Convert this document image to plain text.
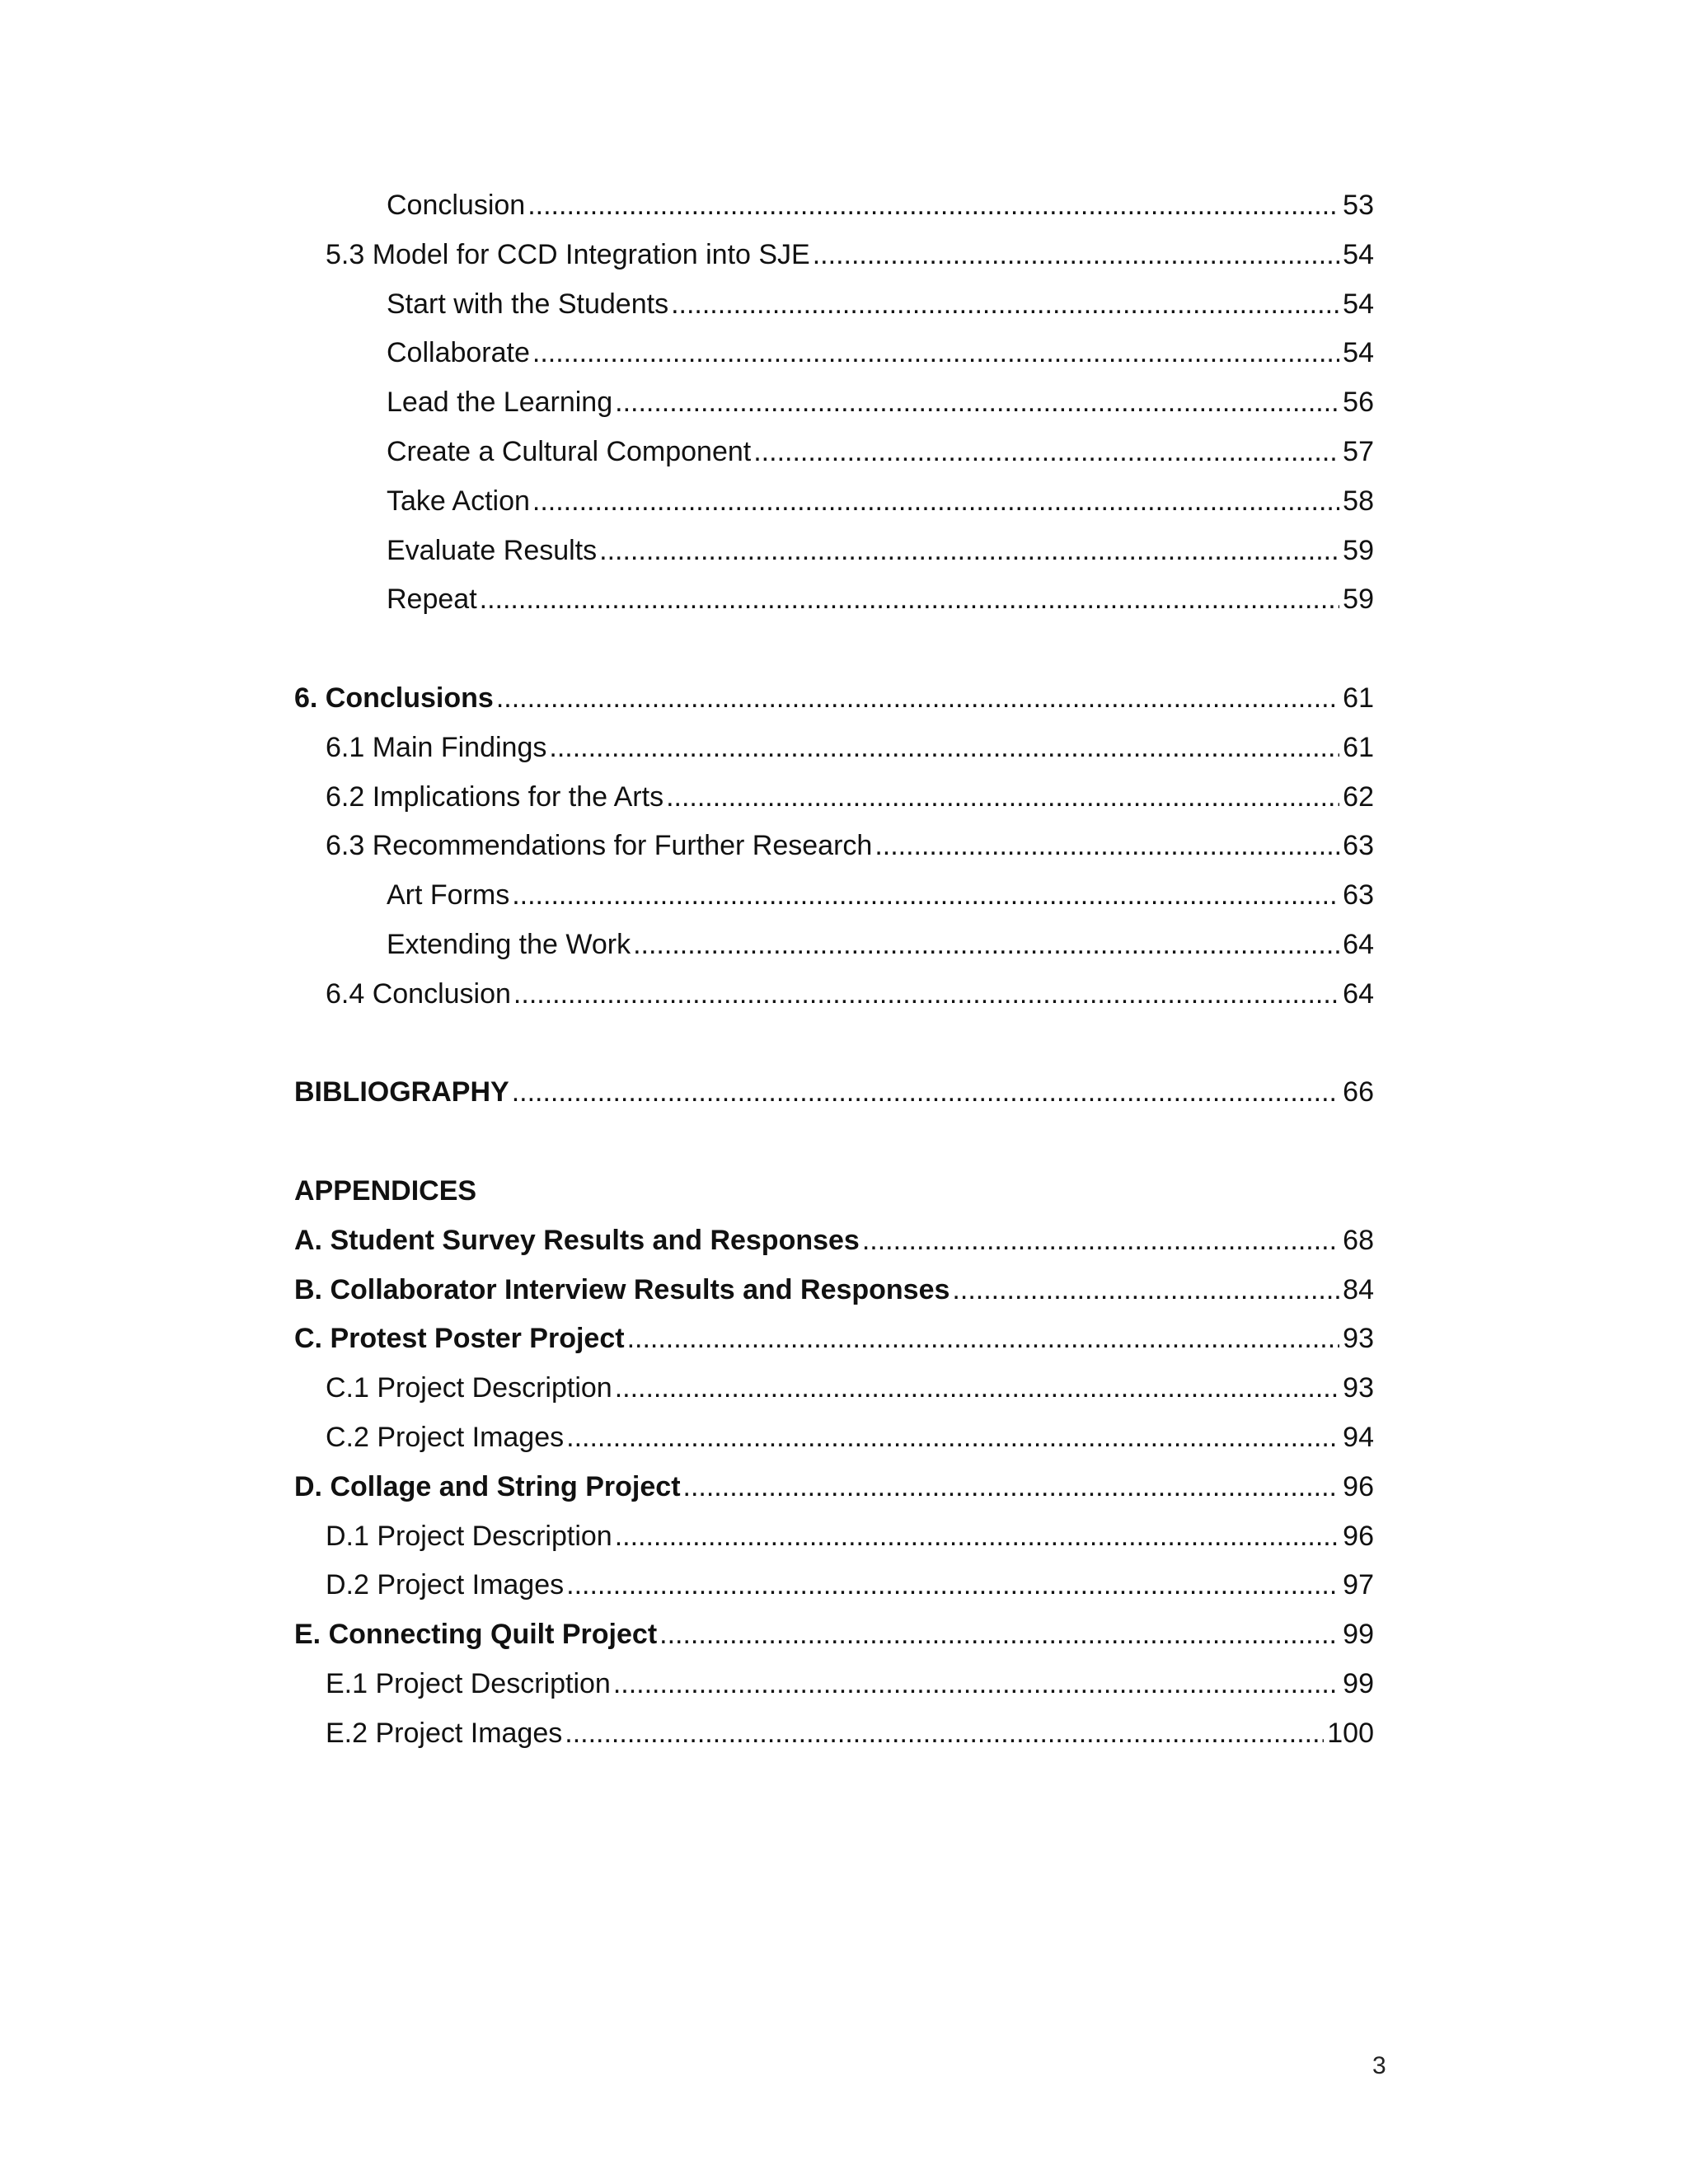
Conclusion .....	53
5.3 Model for CCD Integration into SJE .....	54
Start with the Students .....	54
Collaborate .....	54
Lead the Learning .....	56
Create a Cultural Component .....	57
Take Action .....	58
Evaluate Results .....	59
Repeat .....	59
6. Conclusions .....	61
6.1 Main Findings .....	61
6.2 Implications for the Arts .....	62
6.3 Recommendations for Further Research .....	63
Art Forms .....	63
Extending the Work .....	64
6.4 Conclusion .....	64
BIBLIOGRAPHY .....	66
APPENDICES
A. Student Survey Results and Responses .....	68
B. Collaborator Interview Results and Responses .....	84
C. Protest Poster Project .....	93
C.1 Project Description .....	93
C.2 Project Images .....	94
D. Collage and String Project .....	96
D.1 Project Description .....	96
D.2 Project Images .....	97
E. Connecting Quilt Project .....	99
E.1 Project Description .....	99
E.2 Project Images .....	100
3
